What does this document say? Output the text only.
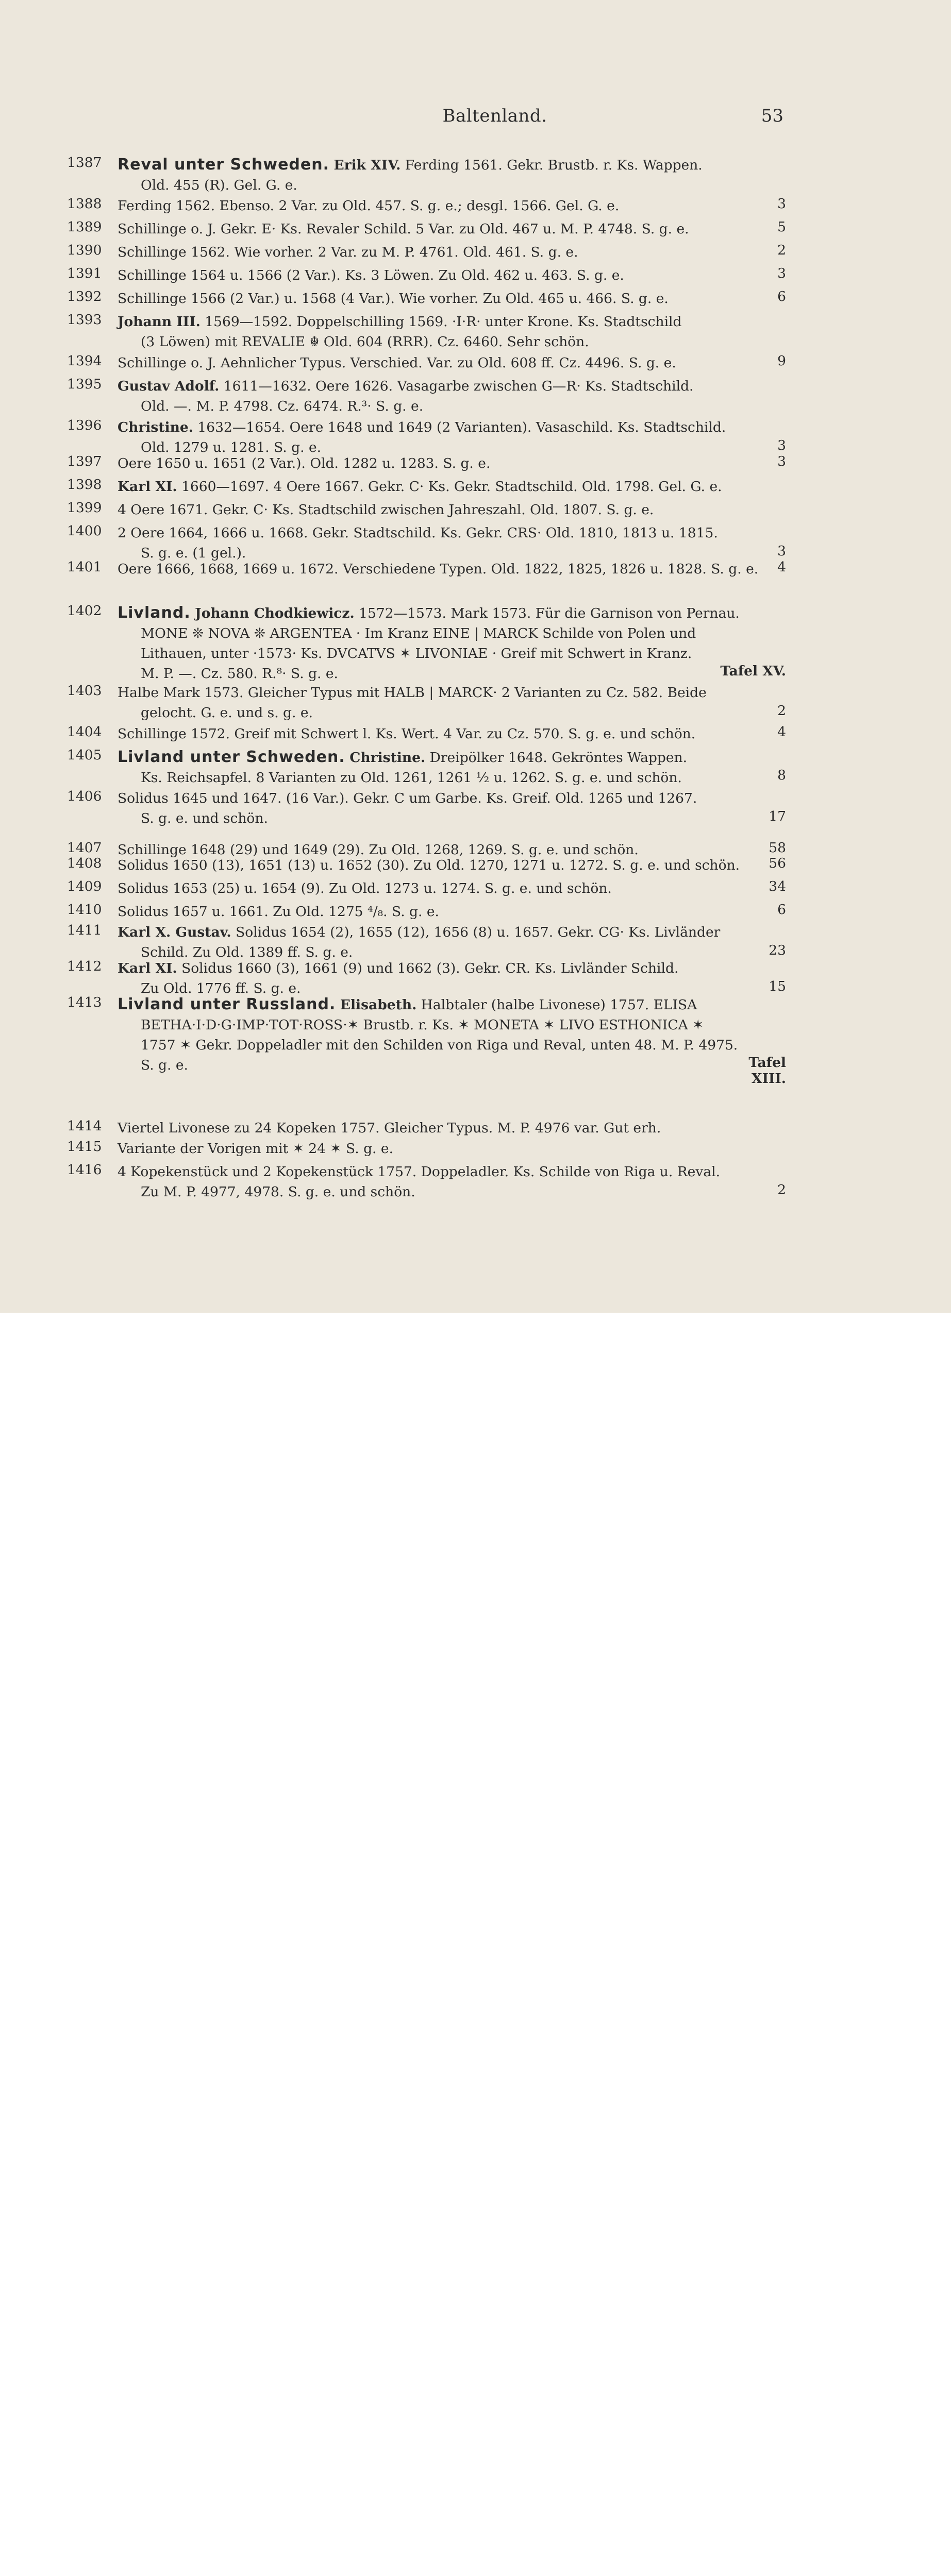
Baltenland.	53
1387	Reval unter Schweden. Erik XIV. Ferding 1561. Gekr. Brustb. r. Ks. Wappen.
Old. 455 (R). Gel. G. e.
1388	Ferding 1562. Ebenso. 2 Var. zu Old. 457. S. g. e.; desgl. 1566. Gel. G. e.	3
1389	Schillinge o. J. Gekr. E· Ks. Revaler Schild. 5 Var. zu Old. 467 u. M. P. 4748. S. g. e.	5
1390	Schillinge 1562. Wie vorher. 2 Var. zu M. P. 4761. Old. 461. S. g. e.	2
1391	Schillinge 1564 u. 1566 (2 Var.). Ks. 3 Löwen. Zu Old. 462 u. 463. S. g. e.	3
1392	Schillinge 1566 (2 Var.) u. 1568 (4 Var.). Wie vorher. Zu Old. 465 u. 466. S. g. e.	6
1393	Johann III. 1569—1592. Doppelschilling 1569. ·I·R· unter Krone. Ks. Stadtschild
(3 Löwen) mit REVALIE ☬ Old. 604 (RRR). Cz. 6460. Sehr schön.
1394	Schillinge o. J. Aehnlicher Typus. Verschied. Var. zu Old. 608 ff. Cz. 4496. S. g. e.	9
1395	Gustav Adolf. 1611—1632. Oere 1626. Vasagarbe zwischen G—R· Ks. Stadtschild.
Old. —. M. P. 4798. Cz. 6474. R.³· S. g. e.
1396	Christine. 1632—1654. Oere 1648 und 1649 (2 Varianten). Vasaschild. Ks. Stadtschild.
Old. 1279 u. 1281. S. g. e.	3
1397	Oere 1650 u. 1651 (2 Var.). Old. 1282 u. 1283. S. g. e.	3
1398	Karl XI. 1660—1697. 4 Oere 1667. Gekr. C· Ks. Gekr. Stadtschild. Old. 1798. Gel. G. e.
1399	4 Oere 1671. Gekr. C· Ks. Stadtschild zwischen Jahreszahl. Old. 1807. S. g. e.
1400	2 Oere 1664, 1666 u. 1668. Gekr. Stadtschild. Ks. Gekr. CRS· Old. 1810, 1813 u. 1815.
S. g. e. (1 gel.).	3
1401	Oere 1666, 1668, 1669 u. 1672. Verschiedene Typen. Old. 1822, 1825, 1826 u. 1828. S. g. e.	4
1402	Livland. Johann Chodkiewicz. 1572—1573. Mark 1573. Für die Garnison von Pernau.
MONE ❊ NOVA ❊ ARGENTEA · Im Kranz EINE | MARCK Schilde von Polen und
Lithauen, unter ·1573· Ks. DVCATVS ✶ LIVONIAE · Greif mit Schwert in Kranz.
M. P. —. Cz. 580. R.⁸· S. g. e.	Tafel XV.
1403	Halbe Mark 1573. Gleicher Typus mit HALB | MARCK· 2 Varianten zu Cz. 582. Beide
gelocht. G. e. und s. g. e.	2
1404	Schillinge 1572. Greif mit Schwert l. Ks. Wert. 4 Var. zu Cz. 570. S. g. e. und schön.	4
1405	Livland unter Schweden. Christine. Dreipölker 1648. Gekröntes Wappen.
Ks. Reichsapfel. 8 Varianten zu Old. 1261, 1261 ½ u. 1262. S. g. e. und schön.	8
1406	Solidus 1645 und 1647. (16 Var.). Gekr. C um Garbe. Ks. Greif. Old. 1265 und 1267.
S. g. e. und schön.	17
1407	Schillinge 1648 (29) und 1649 (29). Zu Old. 1268, 1269. S. g. e. und schön.	58
1408	Solidus 1650 (13), 1651 (13) u. 1652 (30). Zu Old. 1270, 1271 u. 1272. S. g. e. und schön.	56
1409	Solidus 1653 (25) u. 1654 (9). Zu Old. 1273 u. 1274. S. g. e. und schön.	34
1410	Solidus 1657 u. 1661. Zu Old. 1275 ⁴/₈. S. g. e.	6
1411	Karl X. Gustav. Solidus 1654 (2), 1655 (12), 1656 (8) u. 1657. Gekr. CG· Ks. Livländer
Schild. Zu Old. 1389 ff. S. g. e.	23
1412	Karl XI. Solidus 1660 (3), 1661 (9) und 1662 (3). Gekr. CR. Ks. Livländer Schild.
Zu Old. 1776 ff. S. g. e.	15
1413	Livland unter Russland. Elisabeth. Halbtaler (halbe Livonese) 1757. ELISA
BETHA·I·D·G·IMP·TOT·ROSS·✶ Brustb. r. Ks. ✶ MONETA ✶ LIVO ESTHONICA ✶
1757 ✶ Gekr. Doppeladler mit den Schilden von Riga und Reval, unten 48. M. P. 4975.
S. g. e.	Tafel XIII.
1414	Viertel Livonese zu 24 Kopeken 1757. Gleicher Typus. M. P. 4976 var. Gut erh.
1415	Variante der Vorigen mit ✶ 24 ✶ S. g. e.
1416	4 Kopekenstück und 2 Kopekenstück 1757. Doppeladler. Ks. Schilde von Riga u. Reval.
Zu M. P. 4977, 4978. S. g. e. und schön.	2
